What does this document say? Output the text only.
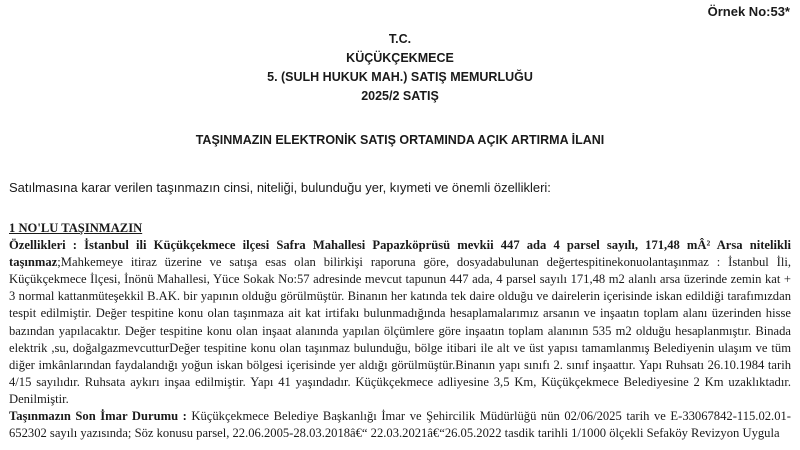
Örnek No:53*
T.C.
KÜÇÜKÇEKMECE
5. (SULH HUKUK MAH.) SATIŞ MEMURLUĞU
2025/2 SATIŞ
TAŞINMAZIN ELEKTRONİK SATIŞ ORTAMINDA AÇIK ARTIRMA İLANI
Satılmasına karar verilen taşınmazın cinsi, niteliği, bulunduğu yer, kıymeti ve önemli özellikleri:

1 NO'LU TAŞINMAZIN

Özellikleri : İstanbul ili Küçükçekmece ilçesi Safra Mahallesi Papazköprüsü mevkii 447 ada 4 parsel sayılı, 171,48 mÂ² Arsa nitelikli taşınmaz;Mahkemeye itiraz üzerine ve satışa esas olan bilirkişi raporuna göre, dosyadabulunan değertespitinekonuolantaşınmaz : İstanbul İli, Küçükçekmece İlçesi, İnönü Mahallesi, Yüce Sokak No:57 adresinde mevcut tapunun 447 ada, 4 parsel sayılı 171,48 m2 alanlı arsa üzerinde zemin kat + 3 normal kattanmüteşekkil B.AK. bir yapının olduğu görülmüştür. Binanın her katında tek daire olduğu ve dairelerin içerisinde iskan edildiği tarafımızdan tespit edilmiştir. Değer tespitine konu olan taşınmaza ait kat irtifakı bulunmadığında hesaplamalarımız arsanın ve inşaatın toplam alanı üzerinden hisse bazından yapılacaktır. Değer tespitine konu olan inşaat alanında yapılan ölçümlere göre inşaatın toplam alanının 535 m2 olduğu hesaplanmıştır. Binada elektrik ,su, doğalgazmevcutturDeğer tespitine konu olan taşınmaz bulunduğu, bölge itibari ile alt ve üst yapısı tamamlanmış Belediyenin ulaşım ve tüm diğer imkânlarından faydalandığı yoğun iskan bölgesi içerisinde yer aldığı görülmüştür.Binanın yapı sınıfı 2. sınıf inşaattır. Yapı Ruhsatı 26.10.1984 tarih 4/15 sayılıdır. Ruhsata aykırı inşaa edilmiştir. Yapı 41 yaşındadır. Küçükçekmece adliyesine 3,5 Km, Küçükçekmece Belediyesine 2 Km uzaklıktadır. Denilmiştir.

Taşınmazın Son İmar Durumu : Küçükçekmece Belediye Başkanlığı İmar ve Şehircilik Müdürlüğü nün 02/06/2025 tarih ve E-33067842-115.02.01-652302 sayılı yazısında; Söz konusu parsel, 22.06.2005-28.03.2018â€“ 22.03.2021â€“26.05.2022 tasdik tarihli 1/1000 ölçekli Sefaköy Revizyon Uygula
